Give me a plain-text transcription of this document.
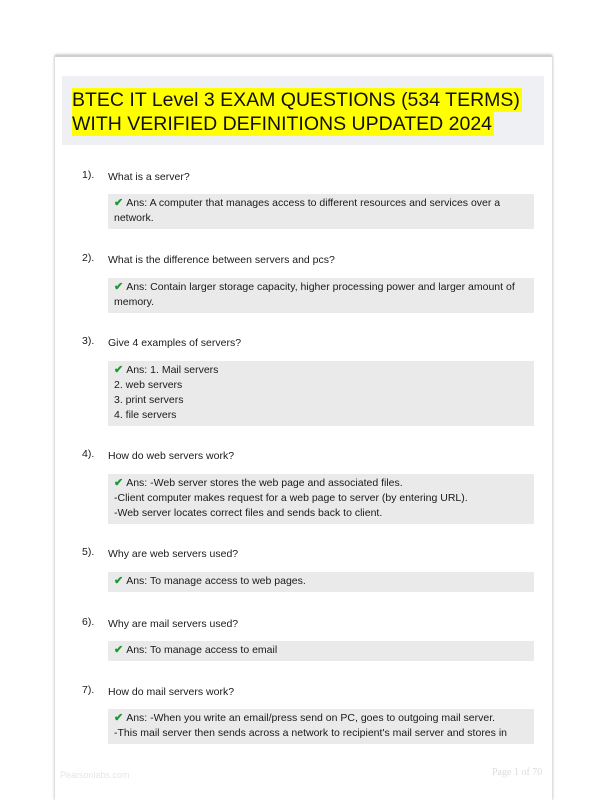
BTEC IT Level 3 EXAM QUESTIONS (534 TERMS)
WITH VERIFIED DEFINITIONS UPDATED 2024
1). What is a server?
✔ Ans: A computer that manages access to different resources and services over a
network.
2). What is the difference between servers and pcs?
✔ Ans: Contain larger storage capacity, higher processing power and larger amount of
memory.
3). Give 4 examples of servers?
✔ Ans: 1. Mail servers
2. web servers
3. print servers
4. file servers
4). How do web servers work?
✔ Ans: -Web server stores the web page and associated files.
-Client computer makes request for a web page to server (by entering URL).
-Web server locates correct files and sends back to client.
5). Why are web servers used?
✔ Ans: To manage access to web pages.
6). Why are mail servers used?
✔ Ans: To manage access to email
7). How do mail servers work?
✔ Ans: -When you write an email/press send on PC, goes to outgoing mail server.
-This mail server then sends across a network to recipient's mail server and stores in
Pearsonlabs.com	Page 1 of 70
